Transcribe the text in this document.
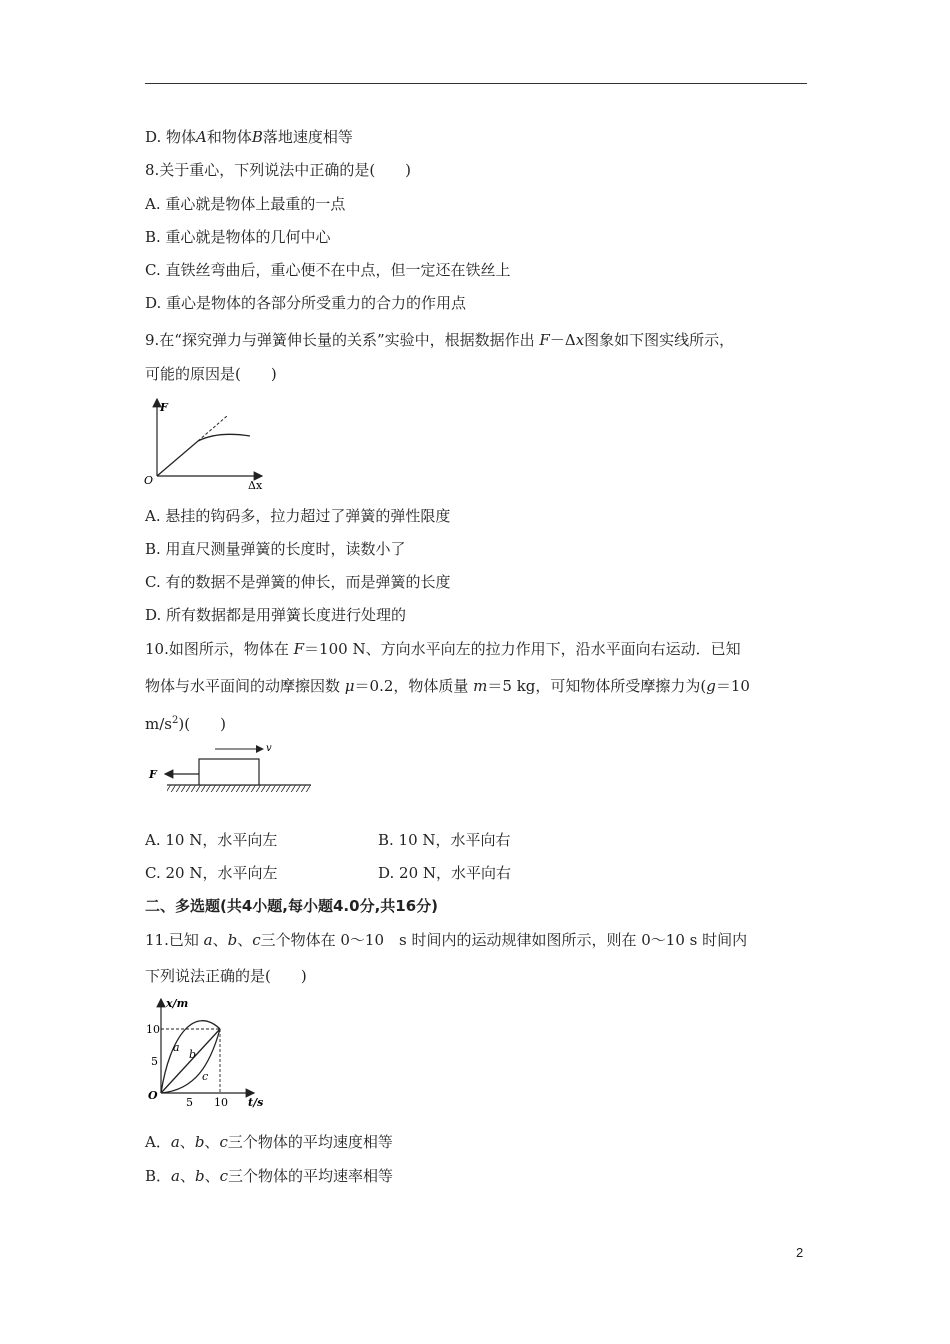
D. 物体A和物体B落地速度相等
8.关于重心，下列说法中正确的是(　　)
A. 重心就是物体上最重的一点
B. 重心就是物体的几何中心
C. 直铁丝弯曲后，重心便不在中点，但一定还在铁丝上
D. 重心是物体的各部分所受重力的合力的作用点
9.在“探究弹力与弹簧伸长量的关系”实验中，根据数据作出 F－Δx图象如下图实线所示，
可能的原因是(　　)
F
Δx
O
A. 悬挂的钩码多，拉力超过了弹簧的弹性限度
B. 用直尺测量弹簧的长度时，读数小了
C. 有的数据不是弹簧的伸长，而是弹簧的长度
D. 所有数据都是用弹簧长度进行处理的
10.如图所示，物体在 F＝100 N、方向水平向左的拉力作用下，沿水平面向右运动．已知
物体与水平面间的动摩擦因数 μ＝0.2，物体质量 m＝5 kg，可知物体所受摩擦力为(g＝10
$m/s^2$)(　　)
F
v
A. 10 N，水平向左	B. 10 N，水平向右
C. 20 N，水平向左	D. 20 N，水平向右
二、多选题(共4小题,每小题4.0分,共16分)
11.已知 a、b、c三个物体在 0～10　s 时间内的运动规律如图所示，则在 0～10 s 时间内
下列说法正确的是(　　)
x/m
t/s
O
10
5
5 10
a
b
c
A．a、b、c三个物体的平均速度相等
B．a、b、c三个物体的平均速率相等
2
